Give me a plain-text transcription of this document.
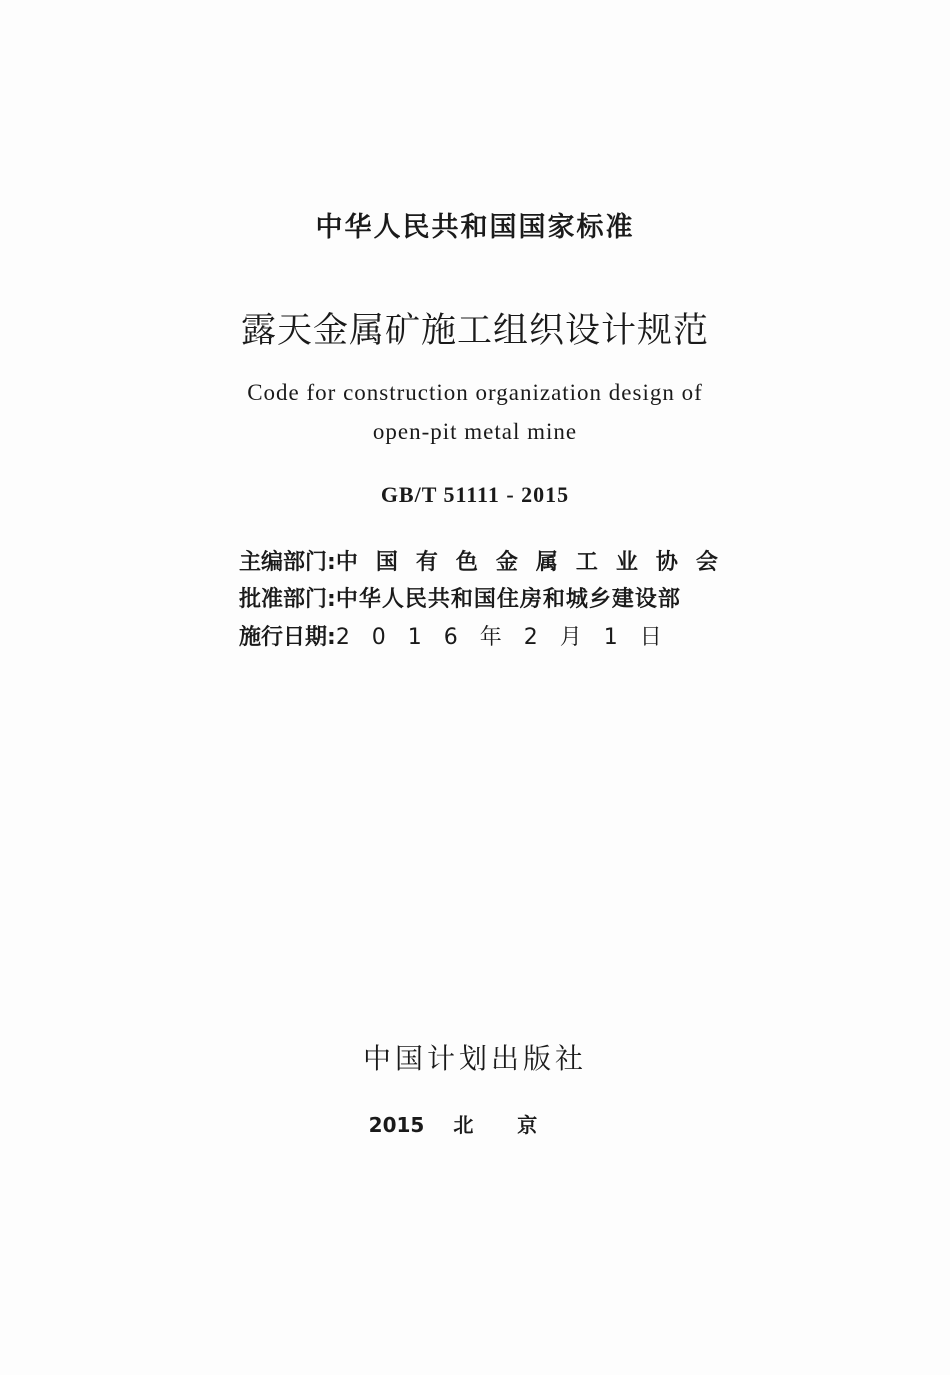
中华人民共和国国家标准
露天金属矿施工组织设计规范
Code for construction organization design of
open-pit metal mine
GB/T 51111 - 2015
主编部门: 中国有色金属工业协会
批准部门: 中华人民共和国住房和城乡建设部
施行日期: 2016年2月1日
中国计划出版社
2015 北京
